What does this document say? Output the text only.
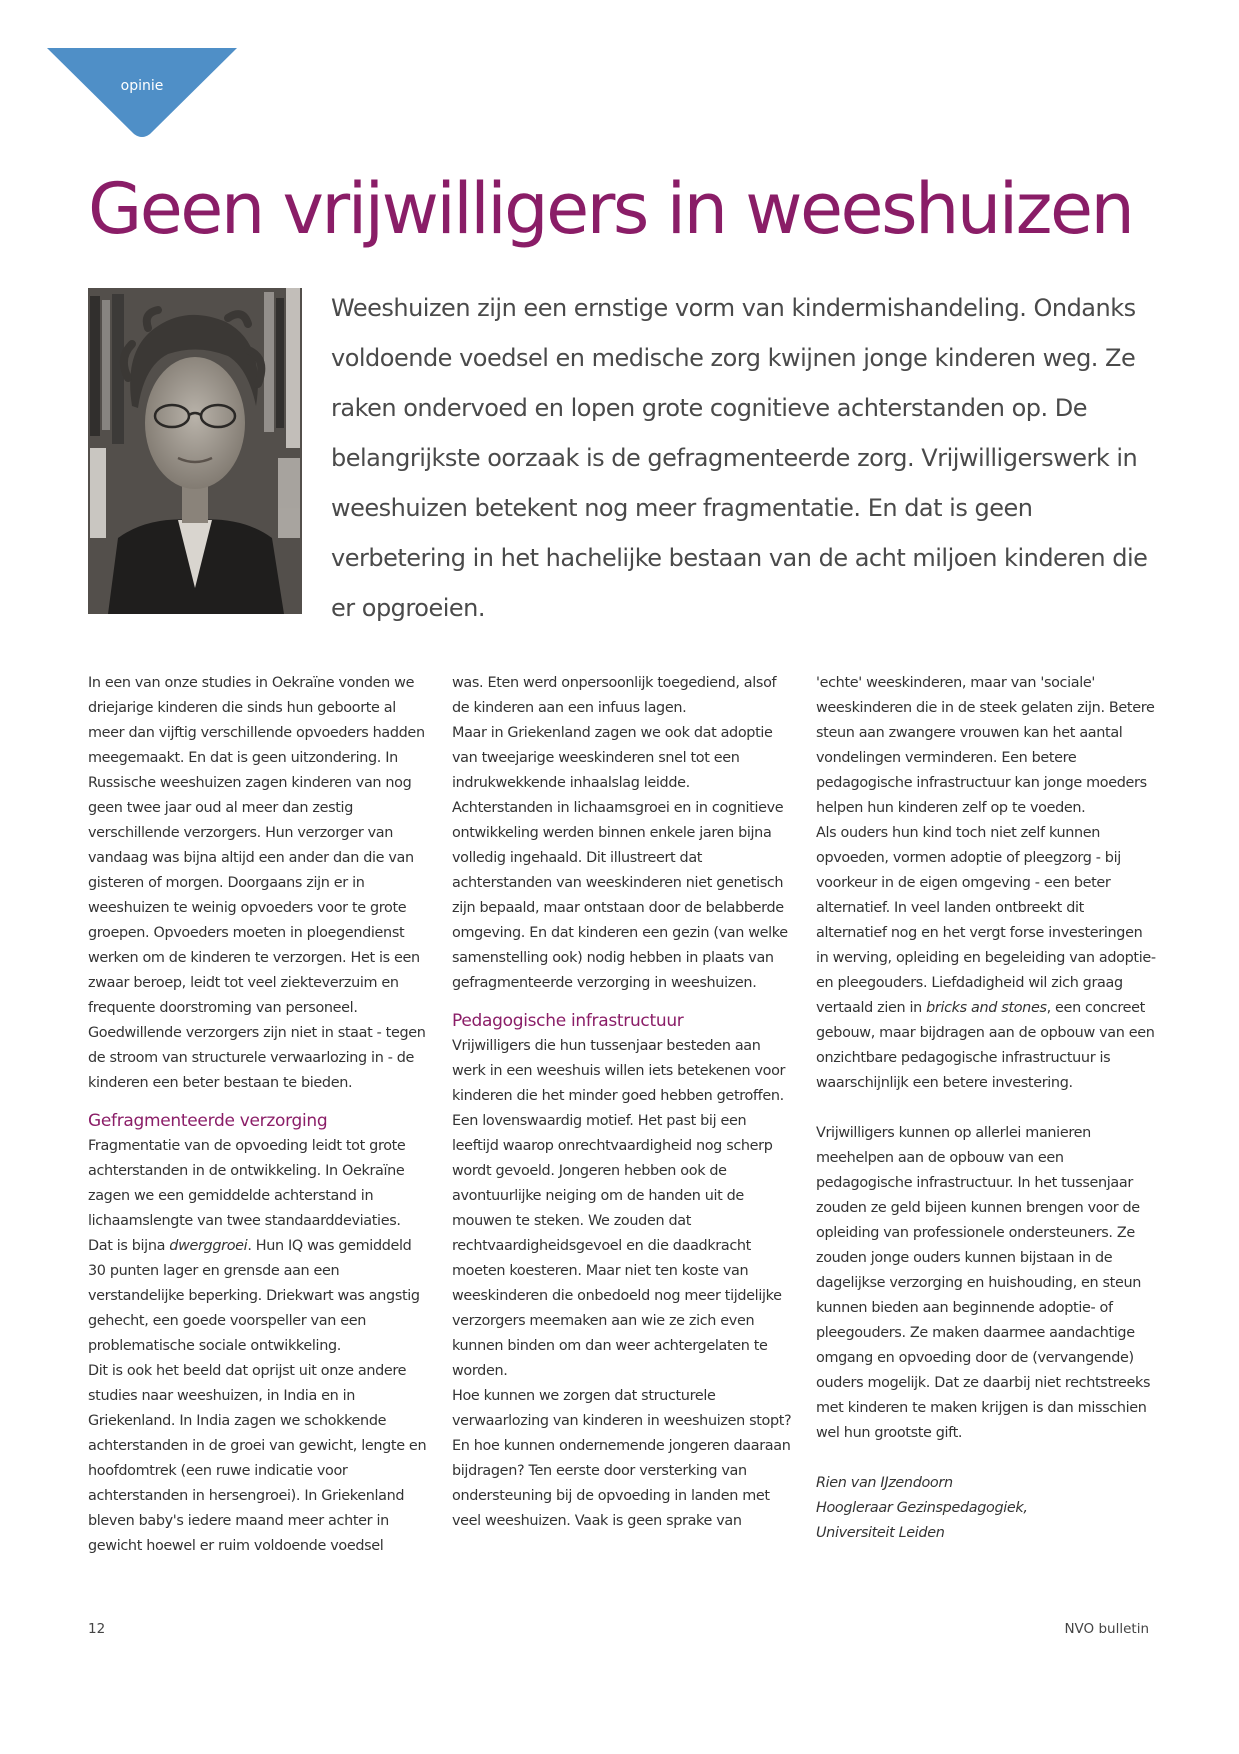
opinie
Geen vrijwilligers in weeshuizen

Weeshuizen zijn een ernstige vorm van kindermishandeling. Ondanks voldoende voedsel en medische zorg kwijnen jonge kinderen weg. Ze raken ondervoed en lopen grote cognitieve achterstanden op. De belangrijkste oorzaak is de gefragmenteerde zorg. Vrijwilligerswerk in weeshuizen betekent nog meer fragmentatie. En dat is geen verbetering in het hachelijke bestaan van de acht miljoen kinderen die er opgroeien.

In een van onze studies in Oekraïne vonden we driejarige kinderen die sinds hun geboorte al meer dan vijftig verschillende opvoeders hadden meegemaakt. En dat is geen uitzondering. In Russische weeshuizen zagen kinderen van nog geen twee jaar oud al meer dan zestig verschillende verzorgers. Hun verzorger van vandaag was bijna altijd een ander dan die van gisteren of morgen. Doorgaans zijn er in weeshuizen te weinig opvoeders voor te grote groepen. Opvoeders moeten in ploegendienst werken om de kinderen te verzorgen. Het is een zwaar beroep, leidt tot veel ziekteverzuim en frequente doorstroming van personeel. Goedwillende verzorgers zijn niet in staat - tegen de stroom van structurele verwaarlozing in - de kinderen een beter bestaan te bieden.

Gefragmenteerde verzorging

Fragmentatie van de opvoeding leidt tot grote achterstanden in de ontwikkeling. In Oekraïne zagen we een gemiddelde achterstand in lichaamslengte van twee standaarddeviaties. Dat is bijna dwerggroei. Hun IQ was gemiddeld 30 punten lager en grensde aan een verstandelijke beperking. Driekwart was angstig gehecht, een goede voorspeller van een problematische sociale ontwikkeling.

Dit is ook het beeld dat oprijst uit onze andere studies naar weeshuizen, in India en in Griekenland. In India zagen we schokkende achterstanden in de groei van gewicht, lengte en hoofdomtrek (een ruwe indicatie voor achterstanden in hersengroei). In Griekenland bleven baby's iedere maand meer achter in gewicht hoewel er ruim voldoende voedsel

was. Eten werd onpersoonlijk toegediend, alsof de kinderen aan een infuus lagen.

Maar in Griekenland zagen we ook dat adoptie van tweejarige weeskinderen snel tot een indrukwekkende inhaalslag leidde. Achterstanden in lichaamsgroei en in cognitieve ontwikkeling werden binnen enkele jaren bijna volledig ingehaald. Dit illustreert dat achterstanden van weeskinderen niet genetisch zijn bepaald, maar ontstaan door de belabberde omgeving. En dat kinderen een gezin (van welke samenstelling ook) nodig hebben in plaats van gefragmenteerde verzorging in weeshuizen.

Pedagogische infrastructuur

Vrijwilligers die hun tussenjaar besteden aan werk in een weeshuis willen iets betekenen voor kinderen die het minder goed hebben getroffen. Een lovenswaardig motief. Het past bij een leeftijd waarop onrechtvaardigheid nog scherp wordt gevoeld. Jongeren hebben ook de avontuurlijke neiging om de handen uit de mouwen te steken. We zouden dat rechtvaardigheidsgevoel en die daadkracht moeten koesteren. Maar niet ten koste van weeskinderen die onbedoeld nog meer tijdelijke verzorgers meemaken aan wie ze zich even kunnen binden om dan weer achtergelaten te worden.

Hoe kunnen we zorgen dat structurele verwaarlozing van kinderen in weeshuizen stopt? En hoe kunnen ondernemende jongeren daaraan bijdragen? Ten eerste door versterking van ondersteuning bij de opvoeding in landen met veel weeshuizen. Vaak is geen sprake van

'echte' weeskinderen, maar van 'sociale' weeskinderen die in de steek gelaten zijn. Betere steun aan zwangere vrouwen kan het aantal vondelingen verminderen. Een betere pedagogische infrastructuur kan jonge moeders helpen hun kinderen zelf op te voeden.

Als ouders hun kind toch niet zelf kunnen opvoeden, vormen adoptie of pleegzorg - bij voorkeur in de eigen omgeving - een beter alternatief. In veel landen ontbreekt dit alternatief nog en het vergt forse investeringen in werving, opleiding en begeleiding van adoptie- en pleegouders. Liefdadigheid wil zich graag vertaald zien in bricks and stones, een concreet gebouw, maar bijdragen aan de opbouw van een onzichtbare pedagogische infrastructuur is waarschijnlijk een betere investering.

Vrijwilligers kunnen op allerlei manieren meehelpen aan de opbouw van een pedagogische infrastructuur. In het tussenjaar zouden ze geld bijeen kunnen brengen voor de opleiding van professionele ondersteuners. Ze zouden jonge ouders kunnen bijstaan in de dagelijkse verzorging en huishouding, en steun kunnen bieden aan beginnende adoptie- of pleegouders. Ze maken daarmee aandachtige omgang en opvoeding door de (vervangende) ouders mogelijk. Dat ze daarbij niet rechtstreeks met kinderen te maken krijgen is dan misschien wel hun grootste gift.

Rien van IJzendoorn

Hoogleraar Gezinspedagogiek,

Universiteit Leiden

12	NVO bulletin
